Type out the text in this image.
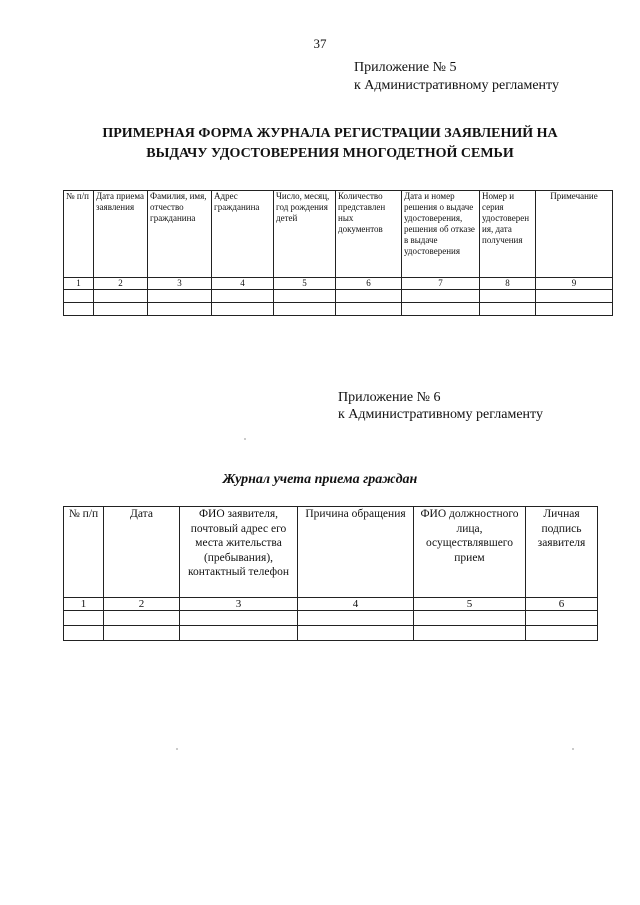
37
Приложение № 5
к Административному регламенту
ПРИМЕРНАЯ ФОРМА ЖУРНАЛА РЕГИСТРАЦИИ ЗАЯВЛЕНИЙ НА
ВЫДАЧУ УДОСТОВЕРЕНИЯ МНОГОДЕТНОЙ СЕМЬИ
№ п/п	Дата приема заявления	Фамилия, имя, отчество гражданина	Адрес гражданина	Число, месяц, год рождения детей	Количество представлен ных документов	Дата и номер решения о выдаче удостоверения, решения об отказе в выдаче удостоверения	Номер и серия удостоверен ия, дата получения	Примечание
1	2	3	4	5	6	7	8	9

Приложение № 6
к Административному регламенту
Журнал учета приема граждан
№ п/п	Дата	ФИО заявителя, почтовый адрес его места жительства (пребывания), контактный телефон	Причина обращения	ФИО должностного лица, осуществлявшего прием	Личная подпись заявителя
1	2	3	4	5	6
